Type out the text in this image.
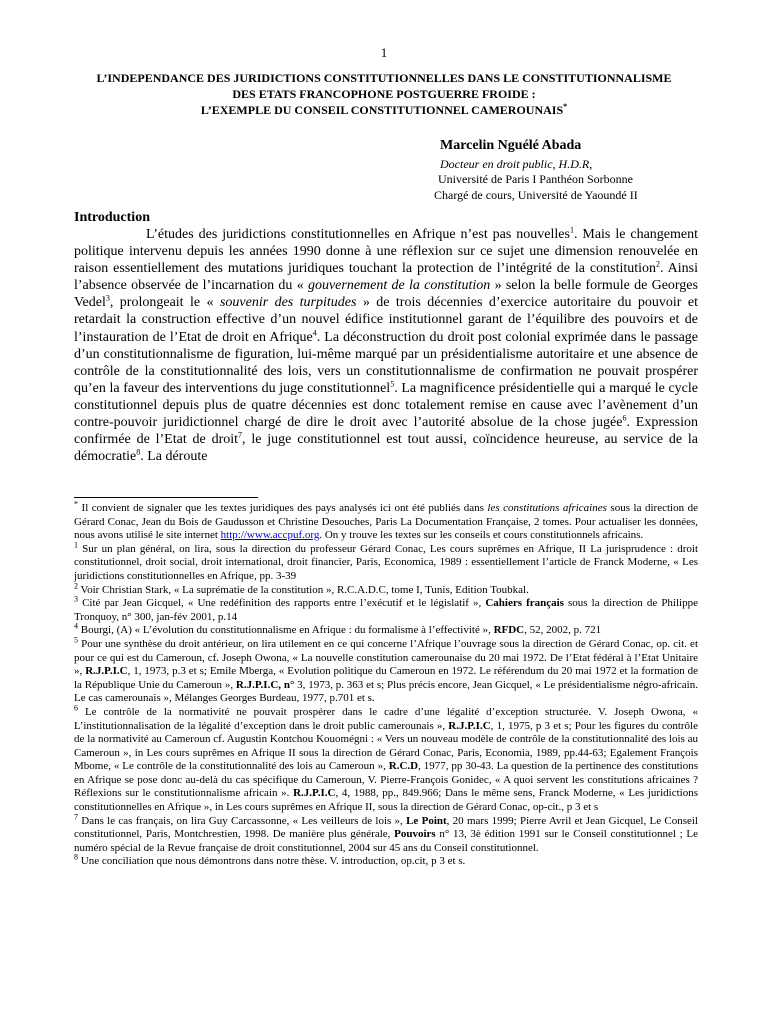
1
L’INDEPENDANCE DES JURIDICTIONS CONSTITUTIONNELLES DANS LE CONSTITUTIONNALISME
DES ETATS FRANCOPHONE POSTGUERRE FROIDE :
L’EXEMPLE DU CONSEIL CONSTITUTIONNEL CAMEROUNAIS*
Marcelin Nguélé Abada
Docteur en droit public, H.D.R,
Université de Paris I Panthéon Sorbonne
Chargé de cours, Université de Yaoundé II
Introduction

L’études des juridictions constitutionnelles en Afrique n’est pas nouvelles$^1$. Mais le changement politique intervenu depuis les années 1990 donne à une réflexion sur ce sujet une dimension renouvelée en raison essentiellement des mutations juridiques touchant la protection de l’intégrité de la constitution$^2$. Ainsi l’absence observée de l’incarnation du « gouvernement de la constitution » selon la belle formule de Georges Vedel$^3$, prolongeait le « souvenir des turpitudes » de trois décennies d’exercice autoritaire du pouvoir et retardait la construction effective d’un nouvel édifice institutionnel garant de l’équilibre des pouvoirs et de l’instauration de l’Etat de droit en Afrique$^4$. La déconstruction du droit post colonial exprimée dans le passage d’un constitutionnalisme de figuration, lui-même marqué par un présidentialisme autoritaire et une absence de contrôle de la constitutionnalité des lois, vers un constitutionnalisme de confirmation ne pouvait prospérer qu’en la faveur des interventions du juge constitutionnel$^5$. La magnificence présidentielle qui a marqué le cycle constitutionnel depuis plus de quatre décennies est donc totalement remise en cause avec l’avènement d’un contre-pouvoir juridictionnel chargé de dire le droit avec l’autorité absolue de la chose jugée$^6$. Expression confirmée de l’Etat de droit$^7$, le juge constitutionnel est tout aussi, coïncidence heureuse, au service de la démocratie$^8$. La déroute

* Il convient de signaler que les textes juridiques des pays analysés ici ont été publiés dans les constitutions africaines sous la direction de Gérard Conac, Jean du Bois de Gaudusson et Christine Desouches, Paris La Documentation Française, 2 tomes. Pour actualiser les données, nous avons utilisé le site internet http://www.accpuf.org. On y trouve les textes sur les conseils et cours constitutionnels africains.

$^1$ Sur un plan général, on lira, sous la direction du professeur Gérard Conac, Les cours suprêmes en Afrique, II La jurisprudence : droit constitutionnel, droit social, droit international, droit financier, Paris, Economica, 1989 : essentiellement l’article de Franck Moderne, « Les juridictions constitutionnelles en Afrique, pp. 3-39

$^2$ Voir Christian Stark, « La suprématie de la constitution », R.C.A.D.C, tome I, Tunis, Edition Toubkal.

$^3$ Cité par Jean Gicquel, « Une redéfinition des rapports entre l’exécutif et le législatif », Cahiers français sous la direction de Philippe Tronquoy, n° 300, jan-fév 2001, p.14

$^4$ Bourgi, (A) « L’évolution du constitutionnalisme en Afrique : du formalisme à l’effectivité », RFDC, 52, 2002, p. 721

$^5$ Pour une synthèse du droit antérieur, on lira utilement en ce qui concerne l’Afrique l’ouvrage sous la direction de Gérard Conac, op. cit. et pour ce qui est du Cameroun, cf. Joseph Owona, « La nouvelle constitution camerounaise du 20 mai 1972. De l’Etat fédéral à l’Etat Unitaire », R.J.P.I.C, 1, 1973, p.3 et s; Emile Mberga, « Evolution politique du Cameroun en 1972. Le référendum du 20 mai 1972 et la formation de la République Unie du Cameroun », R.J.P.I.C, n° 3, 1973, p. 363 et s; Plus précis encore, Jean Gicquel, « Le présidentialisme négro-africain. Le cas camerounais », Mélanges Georges Burdeau, 1977, p.701 et s.

$^6$ Le contrôle de la normativité ne pouvait prospérer dans le cadre d’une légalité d’exception structurée. V. Joseph Owona, « L’institutionnalisation de la légalité d’exception dans le droit public camerounais », R.J.P.I.C, 1, 1975, p 3 et s; Pour les figures du contrôle de la normativité au Cameroun cf. Augustin Kontchou Kouomégni : « Vers un nouveau modèle de contrôle de la constitutionnalité des lois au Cameroun », in Les cours suprêmes en Afrique II sous la direction de Gérard Conac, Paris, Economia, 1989, pp.44-63; Egalement François Mbome, « Le contrôle de la constitutionnalité des lois au Cameroun », R.C.D, 1977, pp 30-43. La question de la pertinence des constitutions en Afrique se pose donc au-delà du cas spécifique du Cameroun, V. Pierre-François Gonidec, « A quoi servent les constitutions africaines ? Réflexions sur le constitutionnalisme africain ». R.J.P.I.C, 4, 1988, pp., 849.966; Dans le même sens, Franck Moderne, « Les juridictions constitutionnelles en Afrique », in Les cours suprêmes en Afrique II, sous la direction de Gérard Conac, op-cit., p 3 et s

$^7$ Dans le cas français, on lira Guy Carcassonne, « Les veilleurs de lois », Le Point, 20 mars 1999; Pierre Avril et Jean Gicquel, Le Conseil constitutionnel, Paris, Montchrestien, 1998. De manière plus générale, Pouvoirs n° 13, 3è édition 1991 sur le Conseil constitutionnel ; Le numéro spécial de la Revue française de droit constitutionnel, 2004 sur 45 ans du Conseil constitutionnel.

$^8$ Une conciliation que nous démontrons dans notre thèse. V. introduction, op.cit, p 3 et s.
